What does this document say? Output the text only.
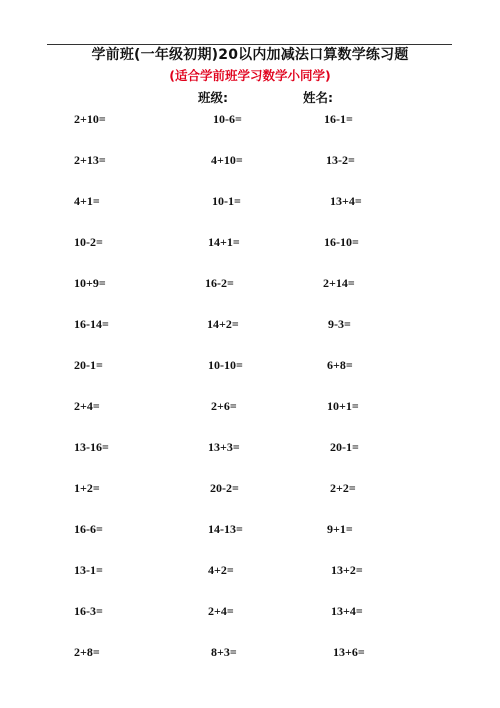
学前班(一年级初期)20以内加减法口算数学练习题
(适合学前班学习数学小同学)
班级:	姓名:
2+10=	10-6=	16-1=
2+13=	4+10=	13-2=
4+1=	10-1=	13+4=
10-2=	14+1=	16-10=
10+9=	16-2=	2+14=
16-14=	14+2=	9-3=
20-1=	10-10=	6+8=
2+4=	2+6=	10+1=
13-16=	13+3=	20-1=
1+2=	20-2=	2+2=
16-6=	14-13=	9+1=
13-1=	4+2=	13+2=
16-3=	2+4=	13+4=
2+8=	8+3=	13+6=
